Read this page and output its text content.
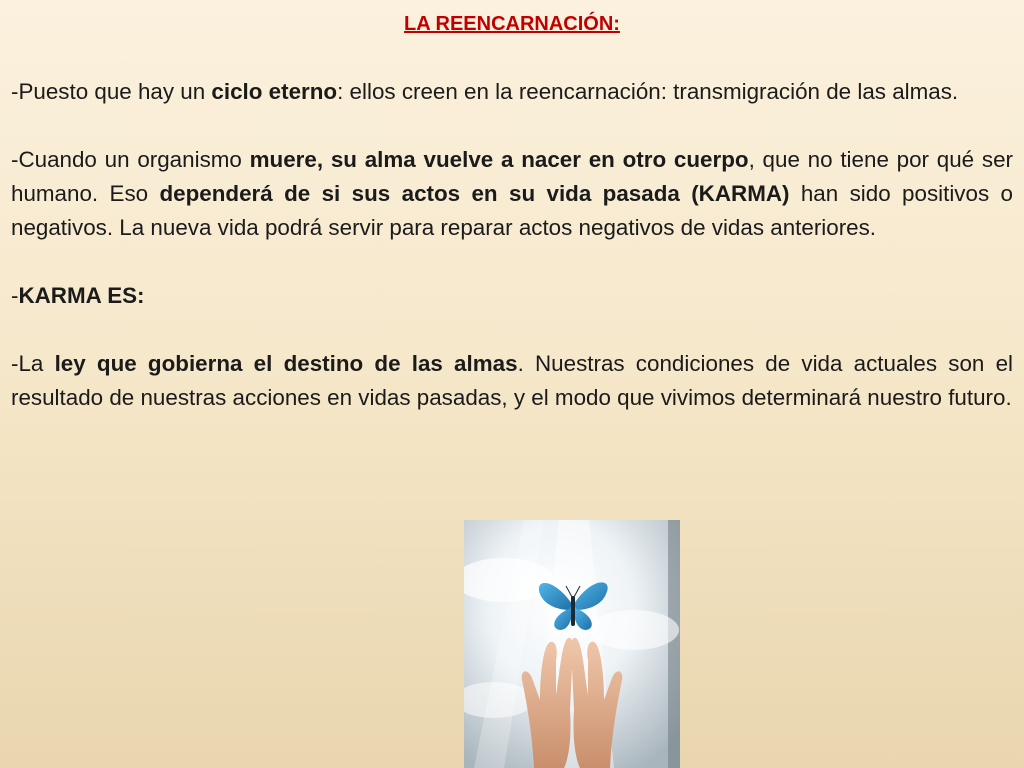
LA REENCARNACIÓN:

-Puesto que hay un ciclo eterno: ellos creen en la reencarnación: transmigración de las almas.

-Cuando un organismo muere, su alma vuelve a nacer en otro cuerpo, que no tiene por qué ser humano. Eso dependerá de si sus actos en su vida pasada (KARMA) han sido positivos o negativos. La nueva vida podrá servir para reparar actos negativos de vidas anteriores.

-KARMA ES:

-La ley que gobierna el destino de las almas. Nuestras condiciones de vida actuales son el resultado de nuestras acciones en vidas pasadas, y el modo que vivimos determinará nuestro futuro.
